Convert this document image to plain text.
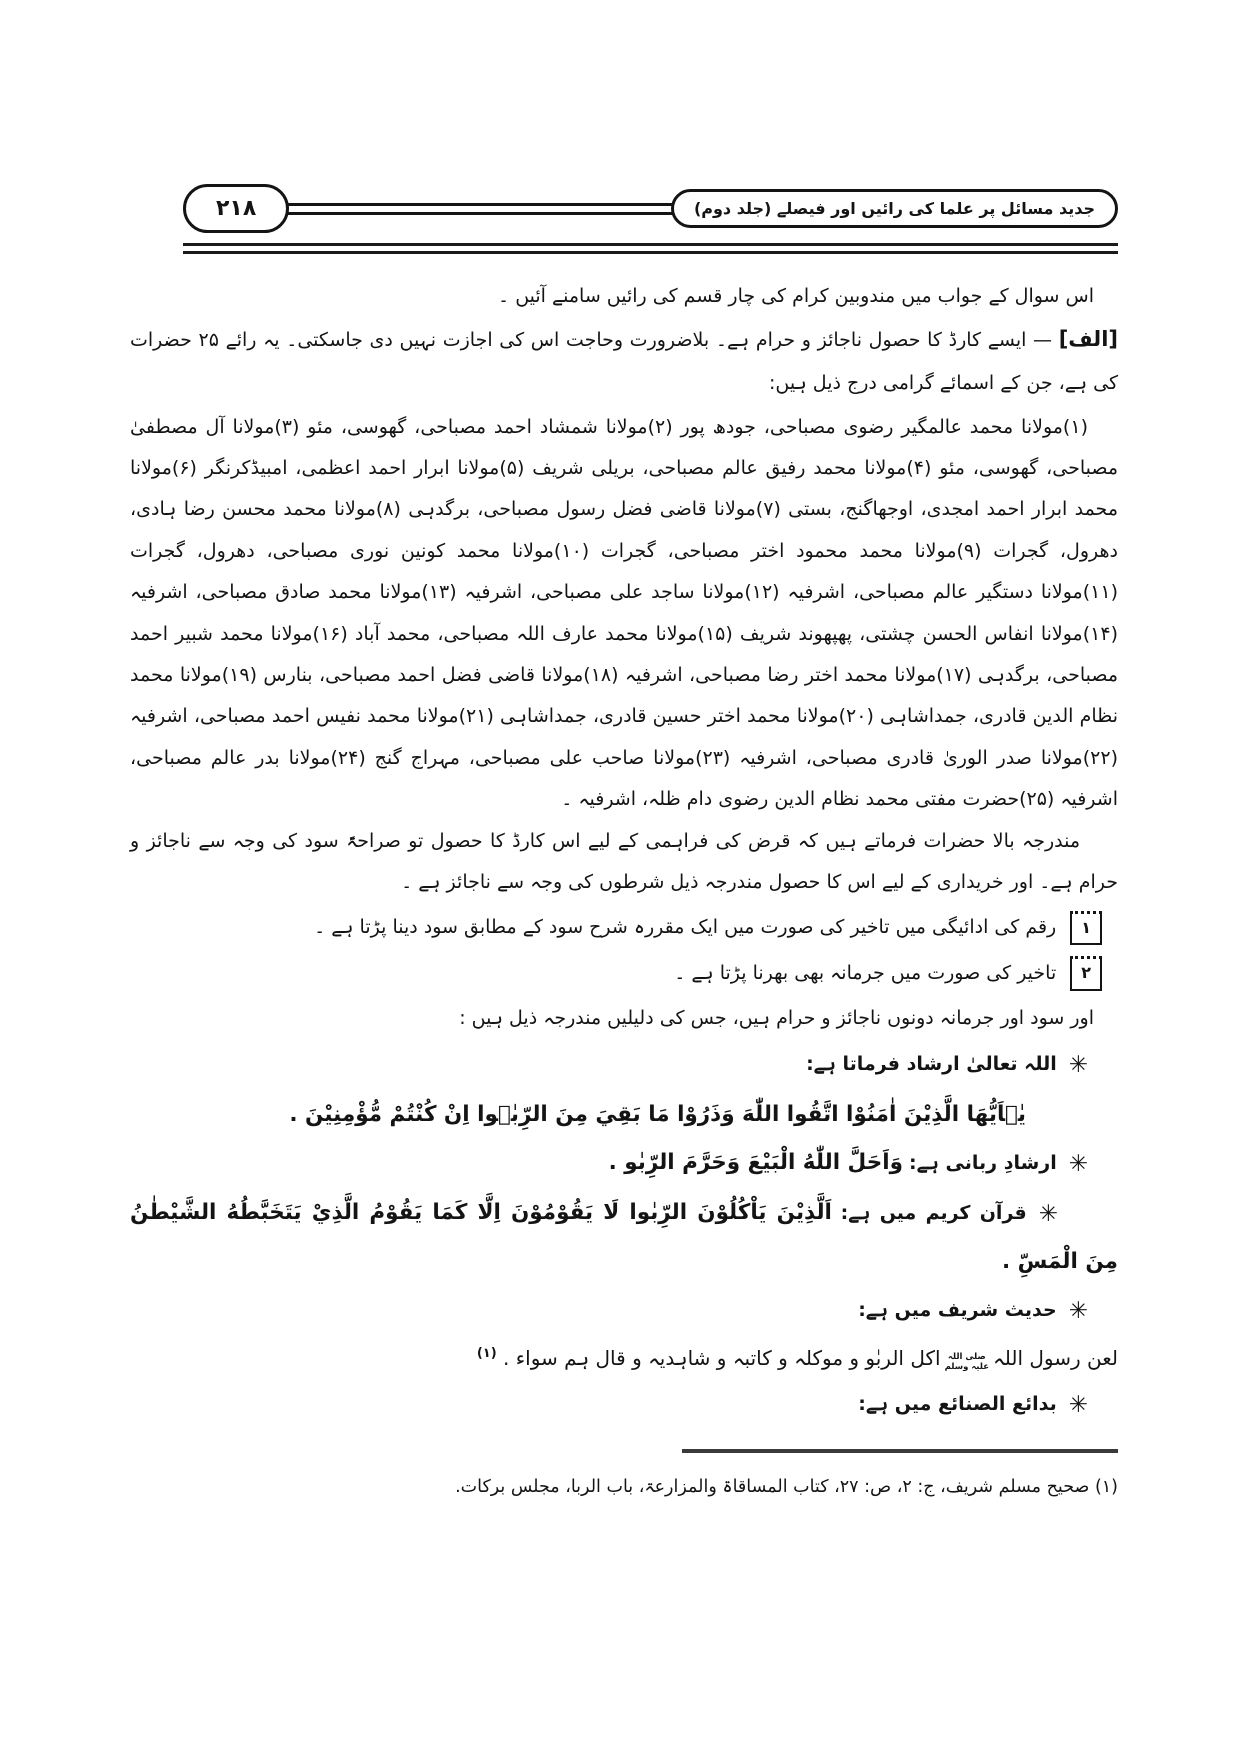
جدید مسائل پر علما کی رائیں اور فیصلے (جلد دوم)
۲۱۸
اس سوال کے جواب میں مندوبین کرام کی چار قسم کی رائیں سامنے آئیں ۔
[الف] — ایسے کارڈ کا حصول ناجائز و حرام ہے۔ بلاضرورت وحاجت اس کی اجازت نہیں دی جاسکتی۔ یہ رائے ۲۵ حضرات کی ہے، جن کے اسمائے گرامی درج ذیل ہیں:
(۱)مولانا محمد عالمگیر رضوی مصباحی، جودھ پور (۲)مولانا شمشاد احمد مصباحی، گھوسی، مئو (۳)مولانا آل مصطفیٰ مصباحی، گھوسی، مئو (۴)مولانا محمد رفیق عالم مصباحی، بریلی شریف (۵)مولانا ابرار احمد اعظمی، امبیڈکرنگر (۶)مولانا محمد ابرار احمد امجدی، اوجھاگنج، بستی (۷)مولانا قاضی فضل رسول مصباحی، برگدہی (۸)مولانا محمد محسن رضا ہادی، دھرول، گجرات (۹)مولانا محمد محمود اختر مصباحی، گجرات (۱۰)مولانا محمد کونین نوری مصباحی، دھرول، گجرات (۱۱)مولانا دستگیر عالم مصباحی، اشرفیہ (۱۲)مولانا ساجد علی مصباحی، اشرفیہ (۱۳)مولانا محمد صادق مصباحی، اشرفیہ (۱۴)مولانا انفاس الحسن چشتی، پھپھوند شریف (۱۵)مولانا محمد عارف اللہ مصباحی، محمد آباد (۱۶)مولانا محمد شبیر احمد مصباحی، برگدہی (۱۷)مولانا محمد اختر رضا مصباحی، اشرفیہ (۱۸)مولانا قاضی فضل احمد مصباحی، بنارس (۱۹)مولانا محمد نظام الدین قادری، جمداشاہی (۲۰)مولانا محمد اختر حسین قادری، جمداشاہی (۲۱)مولانا محمد نفیس احمد مصباحی، اشرفیہ (۲۲)مولانا صدر الوریٰ قادری مصباحی، اشرفیہ (۲۳)مولانا صاحب علی مصباحی، مہراج گنج (۲۴)مولانا بدر عالم مصباحی، اشرفیہ (۲۵)حضرت مفتی محمد نظام الدین رضوی دام ظلہ، اشرفیہ ۔
مندرجہ بالا حضرات فرماتے ہیں کہ قرض کی فراہمی کے لیے اس کارڈ کا حصول تو صراحۃً سود کی وجہ سے ناجائز و حرام ہے۔ اور خریداری کے لیے اس کا حصول مندرجہ ذیل شرطوں کی وجہ سے ناجائز ہے ۔
۱
رقم کی ادائیگی میں تاخیر کی صورت میں ایک مقررہ شرح سود کے مطابق سود دینا پڑتا ہے ۔
۲
تاخیر کی صورت میں جرمانہ بھی بھرنا پڑتا ہے ۔
اور سود اور جرمانہ دونوں ناجائز و حرام ہیں، جس کی دلیلیں مندرجہ ذیل ہیں :
✳اللہ تعالیٰ ارشاد فرماتا ہے:
يٰۤاَيُّهَا الَّذِيْنَ اٰمَنُوْا اتَّقُوا اللّٰهَ وَذَرُوْا مَا بَقِيَ مِنَ الرِّبٰۤوا اِنْ كُنْتُمْ مُّؤْمِنِيْنَ .
✳ارشادِ ربانی ہے: وَاَحَلَّ اللّٰهُ الْبَيْعَ وَحَرَّمَ الرِّبٰو .
✳قرآن کریم میں ہے: اَلَّذِيْنَ يَاْكُلُوْنَ الرِّبٰوا لَا يَقُوْمُوْنَ اِلَّا كَمَا يَقُوْمُ الَّذِيْ يَتَخَبَّطُهُ الشَّيْطٰنُ مِنَ الْمَسِّ .
✳حدیث شریف میں ہے:
لعن رسول اللہ
صلی اللہ
علیہ وسلم
اکل الربٰو و موکلہ و کاتبہ و شاہدیہ و قال ہم سواء . $^{(۱)}$
✳بدائع الصنائع میں ہے:
(۱) صحیح مسلم شریف، ج: ۲، ص: ۲۷، کتاب المساقاۃ والمزارعۃ، باب الربا، مجلس برکات.
